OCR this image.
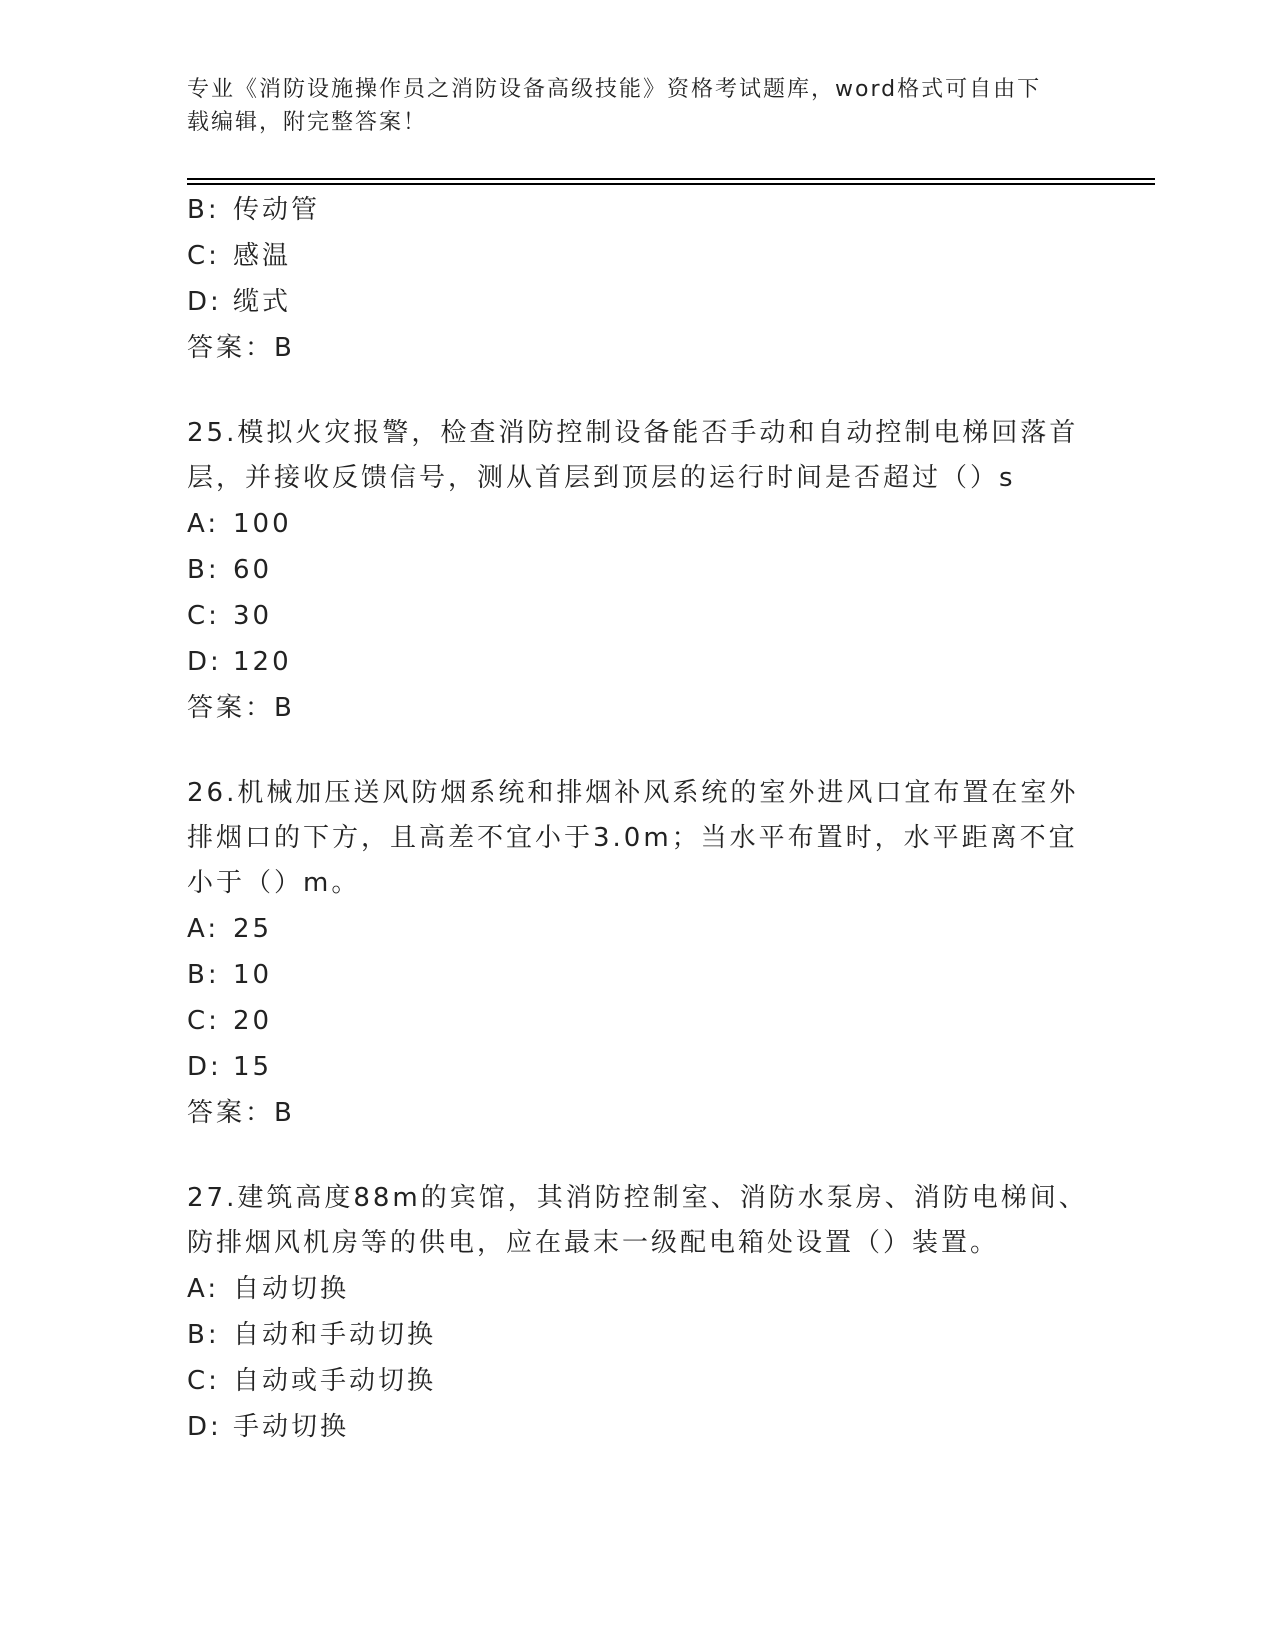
专业《消防设施操作员之消防设备高级技能》资格考试题库，word格式可自由下
载编辑，附完整答案！
B: 传动管
C: 感温
D: 缆式
答案：B
25.模拟火灾报警，检查消防控制设备能否手动和自动控制电梯回落首
层，并接收反馈信号，测从首层到顶层的运行时间是否超过（）s
A: 100
B: 60
C: 30
D: 120
答案：B
26.机械加压送风防烟系统和排烟补风系统的室外进风口宜布置在室外
排烟口的下方，且高差不宜小于3.0m；当水平布置时，水平距离不宜
小于（）m。
A: 25
B: 10
C: 20
D: 15
答案：B
27.建筑高度88m的宾馆，其消防控制室、消防水泵房、消防电梯间、
防排烟风机房等的供电，应在最末一级配电箱处设置（）装置。
A: 自动切换
B: 自动和手动切换
C: 自动或手动切换
D: 手动切换
